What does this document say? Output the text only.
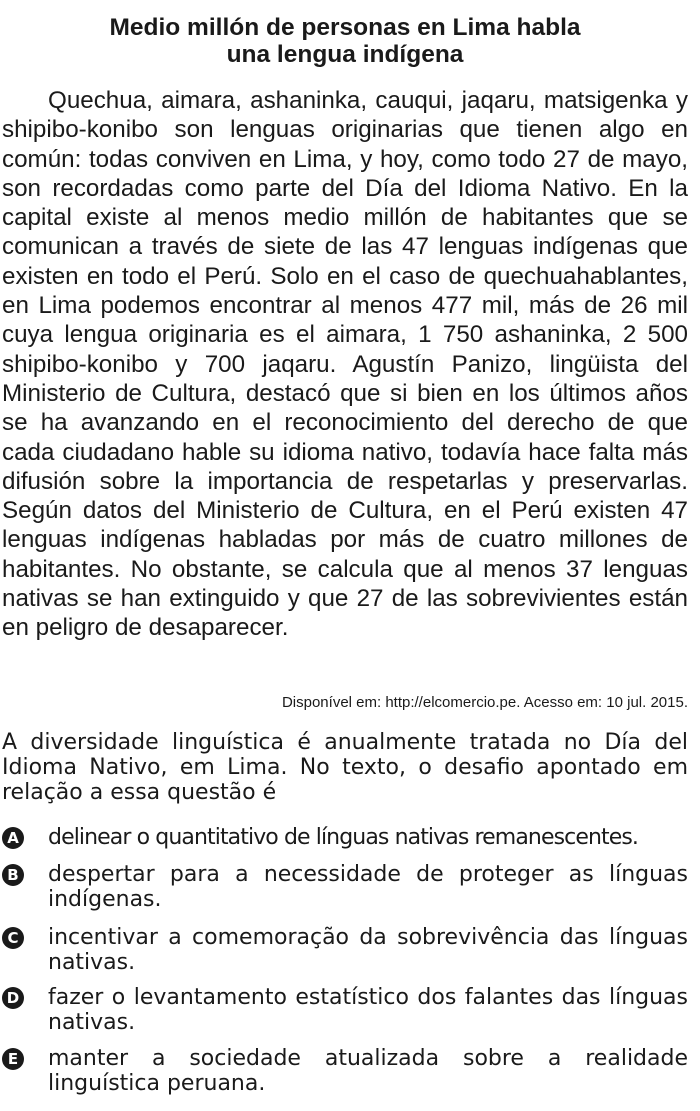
Medio millón de personas en Lima habla
una lengua indígena

Quechua, aimara, ashaninka, cauqui, jaqaru, matsigenka y shipibo-konibo son lenguas originarias que tienen algo en común: todas conviven en Lima, y hoy, como todo 27 de mayo, son recordadas como parte del Día del Idioma Nativo. En la capital existe al menos medio millón de habitantes que se comunican a través de siete de las 47 lenguas indígenas que existen en todo el Perú. Solo en el caso de quechuahablantes, en Lima podemos encontrar al menos 477 mil, más de 26 mil cuya lengua originaria es el aimara, 1 750 ashaninka, 2 500 shipibo-konibo y 700 jaqaru. Agustín Panizo, lingüista del Ministerio de Cultura, destacó que si bien en los últimos años se ha avanzando en el reconocimiento del derecho de que cada ciudadano hable su idioma nativo, todavía hace falta más difusión sobre la importancia de respetarlas y preservarlas. Según datos del Ministerio de Cultura, en el Perú existen 47 lenguas indígenas habladas por más de cuatro millones de habitantes. No obstante, se calcula que al menos 37 lenguas nativas se han extinguido y que 27 de las sobrevivientes están en peligro de desaparecer.

Disponível em: http://elcomercio.pe. Acesso em: 10 jul. 2015.

A diversidade linguística é anualmente tratada no Día del Idioma Nativo, em Lima. No texto, o desafio apontado em relação a essa questão é

A delinear o quantitativo de línguas nativas remanescentes.
B despertar para a necessidade de proteger as línguas indígenas.
C incentivar a comemoração da sobrevivência das línguas nativas.
D fazer o levantamento estatístico dos falantes das línguas nativas.
E manter a sociedade atualizada sobre a realidade linguística peruana.
